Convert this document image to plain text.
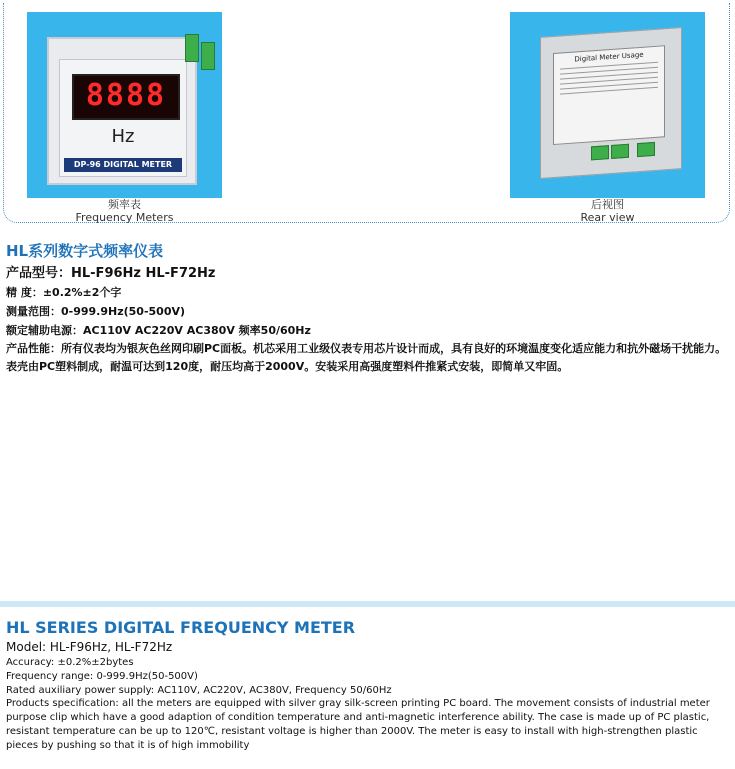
8888
Hz
DP-96 DIGITAL METER
频率表
Frequency Meters
Digital Meter Usage
后视图
Rear view
HL系列数字式频率仪表
产品型号：HL-F96Hz HL-F72Hz
精 度：±0.2%±2个字
测量范围：0-999.9Hz(50-500V)
额定辅助电源：AC110V AC220V AC380V 频率50/60Hz
产品性能：所有仪表均为银灰色丝网印刷PC面板。机芯采用工业级仪表专用芯片设计而成，具有良好的环境温度变化适应能力和抗外磁场干扰能力。表壳由PC塑料制成，耐温可达到120度，耐压均高于2000V。安装采用高强度塑料件推紧式安装，即简单又牢固。
HL SERIES DIGITAL FREQUENCY METER
Model: HL-F96Hz, HL-F72Hz
Accuracy: ±0.2%±2bytes
Frequency range: 0-999.9Hz(50-500V)
Rated auxiliary power supply: AC110V, AC220V, AC380V, Frequency 50/60Hz
Products specification: all the meters are equipped with silver gray silk-screen printing PC board. The movement consists of industrial meter purpose clip which have a good adaption of condition temperature and anti-magnetic interference ability. The case is made up of PC plastic, resistant temperature can be up to 120℃, resistant voltage is higher than 2000V. The meter is easy to install with high-strengthen plastic pieces by pushing so that it is of high immobility
